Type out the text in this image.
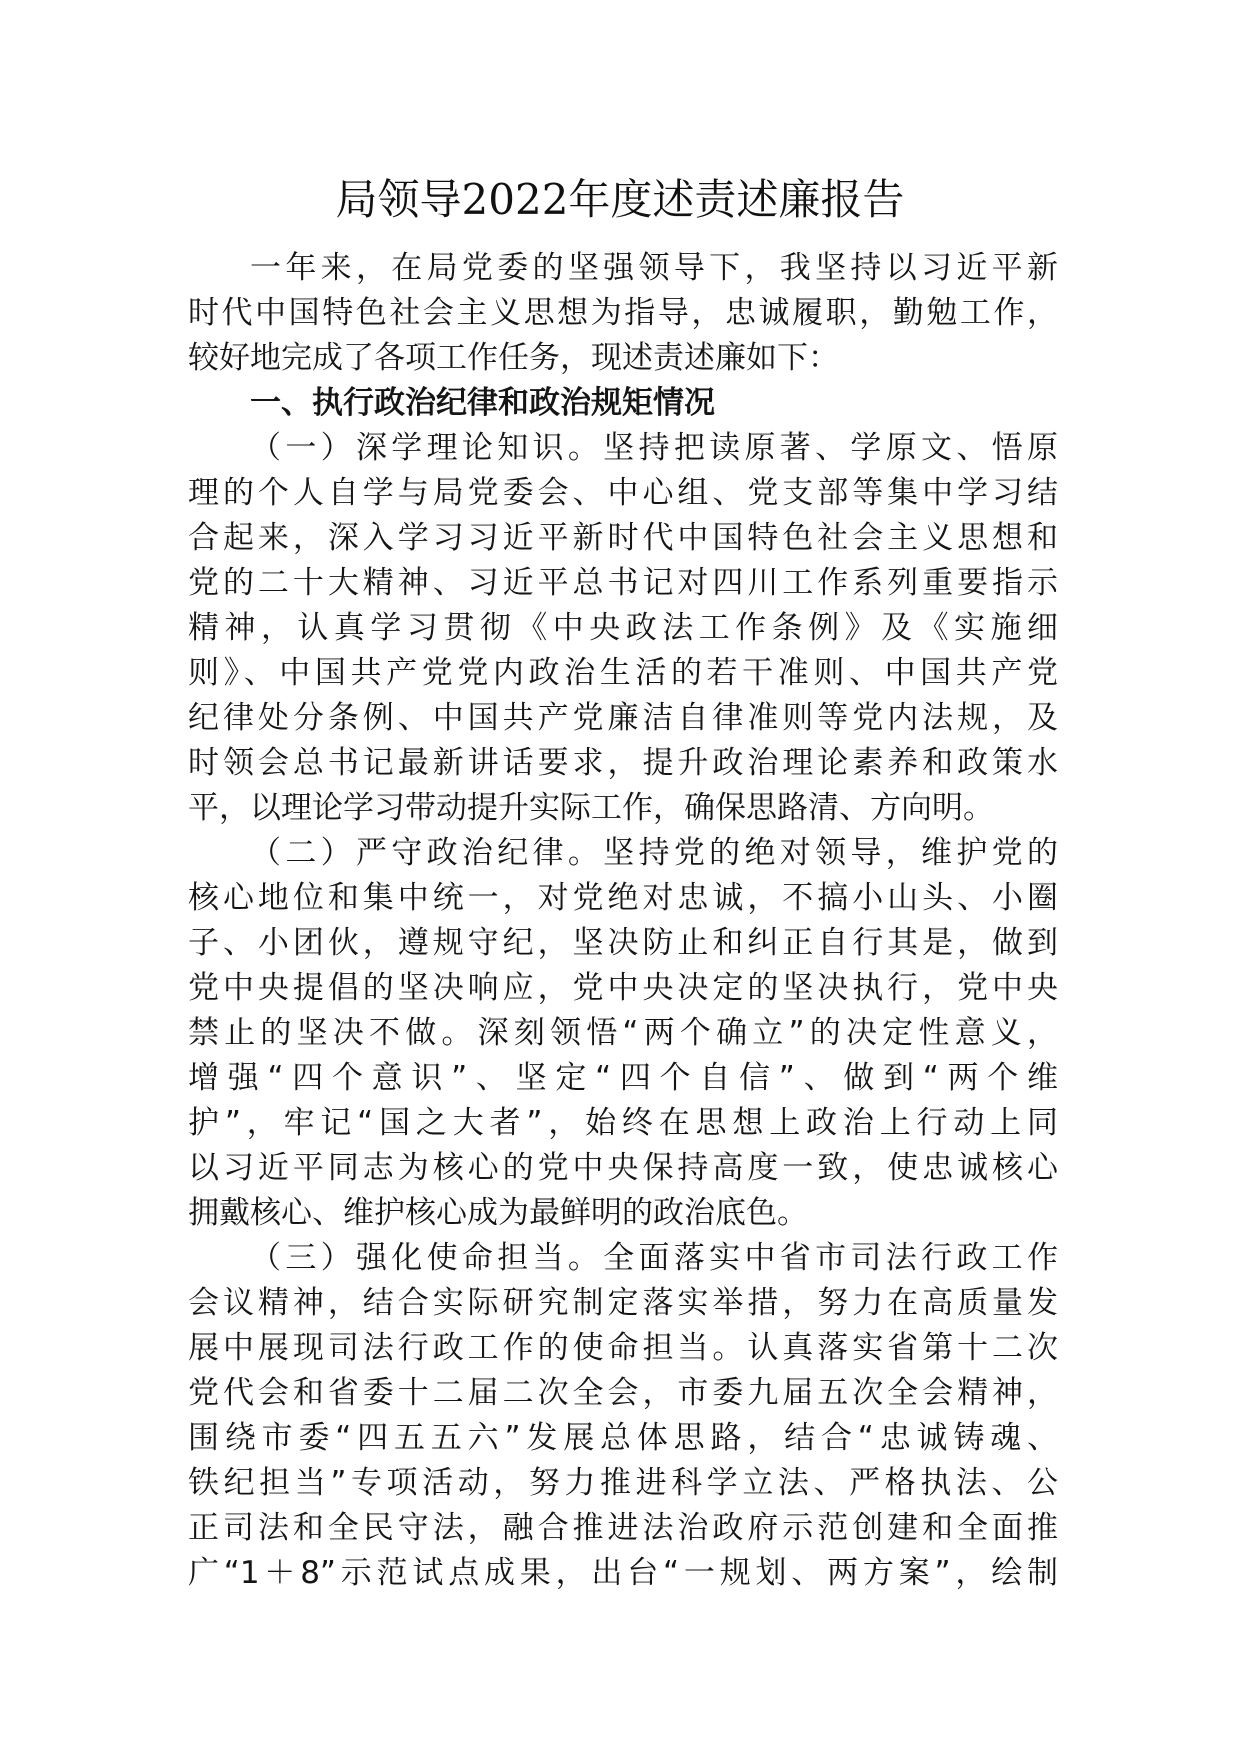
局领导2022年度述责述廉报告
一年来，在局党委的坚强领导下，我坚持以习近平新
时代中国特色社会主义思想为指导，忠诚履职，勤勉工作，
较好地完成了各项工作任务，现述责述廉如下：
一、执行政治纪律和政治规矩情况
（一）深学理论知识。坚持把读原著、学原文、悟原
理的个人自学与局党委会、中心组、党支部等集中学习结
合起来，深入学习习近平新时代中国特色社会主义思想和
党的二十大精神、习近平总书记对四川工作系列重要指示
精神，认真学习贯彻《中央政法工作条例》及《实施细
则》、中国共产党党内政治生活的若干准则、中国共产党
纪律处分条例、中国共产党廉洁自律准则等党内法规，及
时领会总书记最新讲话要求，提升政治理论素养和政策水
平，以理论学习带动提升实际工作，确保思路清、方向明。
（二）严守政治纪律。坚持党的绝对领导，维护党的
核心地位和集中统一，对党绝对忠诚，不搞小山头、小圈
子、小团伙，遵规守纪，坚决防止和纠正自行其是，做到
党中央提倡的坚决响应，党中央决定的坚决执行，党中央
禁止的坚决不做。深刻领悟“两个确立”的决定性意义，
增强“四个意识”、坚定“四个自信”、做到“两个维
护”，牢记“国之大者”，始终在思想上政治上行动上同
以习近平同志为核心的党中央保持高度一致，使忠诚核心
拥戴核心、维护核心成为最鲜明的政治底色。
（三）强化使命担当。全面落实中省市司法行政工作
会议精神，结合实际研究制定落实举措，努力在高质量发
展中展现司法行政工作的使命担当。认真落实省第十二次
党代会和省委十二届二次全会，市委九届五次全会精神，
围绕市委“四五五六”发展总体思路，结合“忠诚铸魂、
铁纪担当”专项活动，努力推进科学立法、严格执法、公
正司法和全民守法，融合推进法治政府示范创建和全面推
广“1＋8”示范试点成果，出台“一规划、两方案”，绘制
